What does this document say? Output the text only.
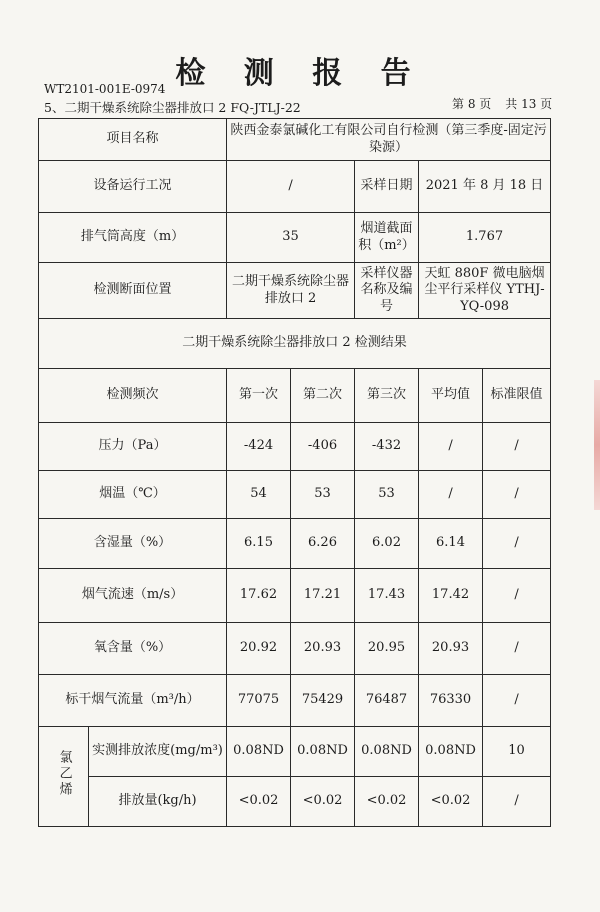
检 测 报 告
WT2101-001E-0974
5、二期干燥系统除尘器排放口 2 FQ-JTLJ-22	第 8 页 共 13 页
项目名称		陕西金泰氯碱化工有限公司自行检测（第三季度-固定污染源）				
设备运行工况		/		采样日期	2021 年 8 月 18 日	
排气筒高度（m）		35		烟道截面积（m²）	1.767	
检测断面位置		二期干燥系统除尘器排放口 2		采样仪器名称及编号	天虹 880F 微电脑烟尘平行采样仪 YTHJ-YQ-098	
二期干燥系统除尘器排放口 2 检测结果						
检测频次		第一次	第二次	第三次	平均值	标准限值
压力（Pa）		-424	-406	-432	/	/
烟温（℃）		54	53	53	/	/
含湿量（%）		6.15	6.26	6.02	6.14	/
烟气流速（m/s）		17.62	17.21	17.43	17.42	/
氧含量（%）		20.92	20.93	20.95	20.93	/
标干烟气流量（m³/h）		77075	75429	76487	76330	/
氯乙烯	实测排放浓度(mg/m³)	0.08ND	0.08ND	0.08ND	0.08ND	10
	排放量(kg/h)	<0.02	<0.02	<0.02	<0.02	/
